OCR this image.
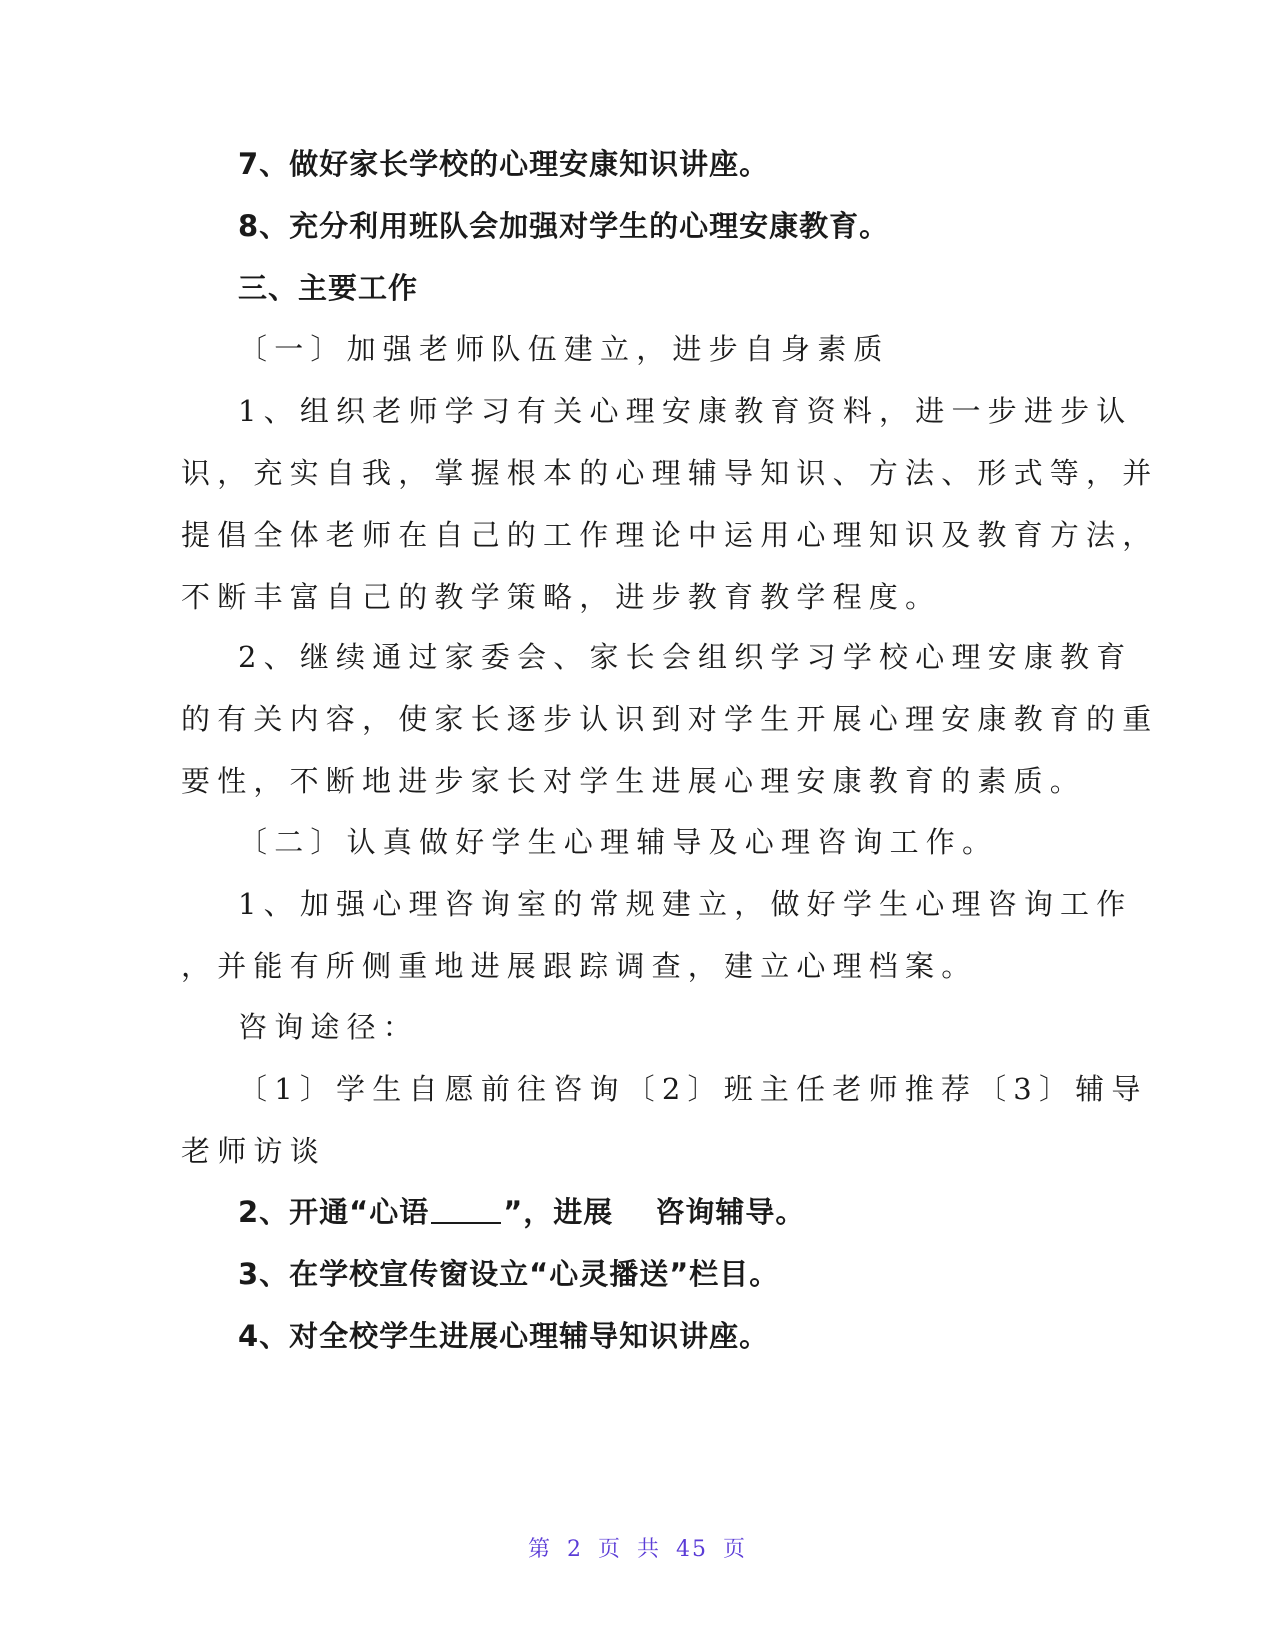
7、做好家长学校的心理安康知识讲座。
8、充分利用班队会加强对学生的心理安康教育。
三、主要工作
〔一〕加强老师队伍建立，进步自身素质
1、组织老师学习有关心理安康教育资料，进一步进步认
识，充实自我，掌握根本的心理辅导知识、方法、形式等，并
提倡全体老师在自己的工作理论中运用心理知识及教育方法，
不断丰富自己的教学策略，进步教育教学程度。
2、继续通过家委会、家长会组织学习学校心理安康教育
的有关内容，使家长逐步认识到对学生开展心理安康教育的重
要性，不断地进步家长对学生进展心理安康教育的素质。
〔二〕认真做好学生心理辅导及心理咨询工作。
1、加强心理咨询室的常规建立，做好学生心理咨询工作
，并能有所侧重地进展跟踪调查，建立心理档案。
咨询途径：
〔1〕学生自愿前往咨询〔2〕班主任老师推荐〔3〕辅导
老师访谈
2、开通“心语	”，进展 咨询辅导。
3、在学校宣传窗设立“心灵播送”栏目。
4、对全校学生进展心理辅导知识讲座。
第 2 页 共 45 页
